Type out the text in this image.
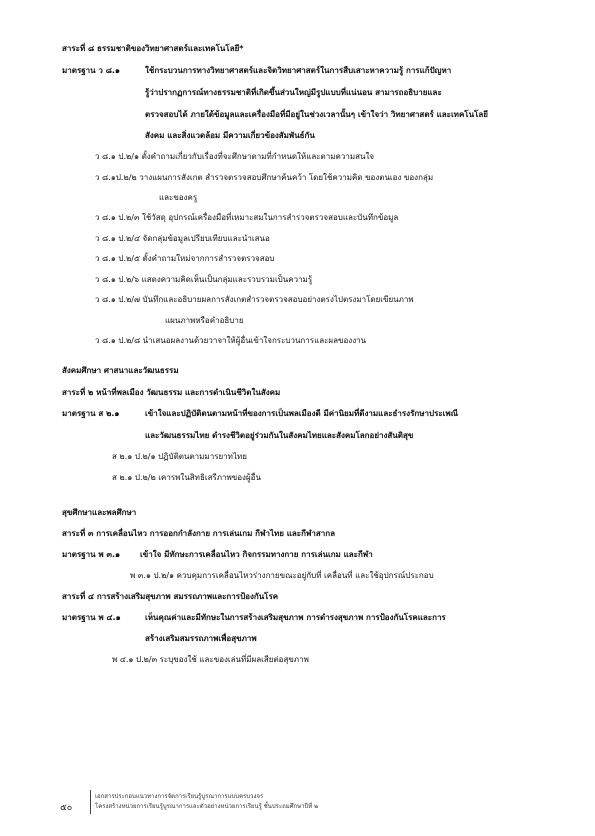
สาระที่ ๘ ธรรมชาติของวิทยาศาสตร์และเทคโนโลยี*
มาตรฐาน ว ๘.๑	ใช้กระบวนการทางวิทยาศาสตร์และจิตวิทยาศาสตร์ในการสืบเสาะหาความรู้ การแก้ปัญหา
รู้ว่าปรากฏการณ์ทางธรรมชาติที่เกิดขึ้นส่วนใหญ่มีรูปแบบที่แน่นอน สามารถอธิบายและ
ตรวจสอบได้ ภายใต้ข้อมูลและเครื่องมือที่มีอยู่ในช่วงเวลานั้นๆ เข้าใจว่า วิทยาศาสตร์ และเทคโนโลยี
สังคม และสิ่งแวดล้อม มีความเกี่ยวข้องสัมพันธ์กัน
ว ๘.๑ ป.๒/๑ ตั้งคำถามเกี่ยวกับเรื่องที่จะศึกษาตามที่กำหนดให้และตามความสนใจ
ว ๘.๑ป.๒/๒ วางแผนการสังเกต สำรวจตรวจสอบศึกษาค้นคว้า โดยใช้ความคิด ของตนเอง ของกลุ่ม
และของครู
ว ๘.๑ ป.๒/๓ ใช้วัสดุ อุปกรณ์เครื่องมือที่เหมาะสมในการสำรวจตรวจสอบและบันทึกข้อมูล
ว ๘.๑ ป.๒/๔ จัดกลุ่มข้อมูลเปรียบเทียบและนำเสนอ
ว ๘.๑ ป.๒/๕ ตั้งคำถามใหม่จากการสำรวจตรวจสอบ
ว ๘.๑ ป.๒/๖ แสดงความคิดเห็นเป็นกลุ่มและรวบรวมเป็นความรู้
ว ๘.๑ ป.๒/๗ บันทึกและอธิบายผลการสังเกตสำรวจตรวจสอบอย่างตรงไปตรงมาโดยเขียนภาพ
แผนภาพหรือคำอธิบาย
ว ๘.๑ ป.๒/๘ นำเสนอผลงานด้วยวาจาให้ผู้อื่นเข้าใจกระบวนการและผลของงาน
สังคมศึกษา ศาสนาและวัฒนธรรม
สาระที่ ๒ หน้าที่พลเมือง วัฒนธรรม และการดำเนินชีวิตในสังคม
มาตรฐาน ส ๒.๑	เข้าใจและปฏิบัติตนตามหน้าที่ของการเป็นพลเมืองดี มีค่านิยมที่ดีงามและธำรงรักษาประเพณี
และวัฒนธรรมไทย ดำรงชีวิตอยู่ร่วมกันในสังคมไทยและสังคมโลกอย่างสันติสุข
ส ๒.๑ ป.๒/๑ ปฏิบัติตนตามมารยาทไทย
ส ๒.๑ ป.๒/๒ เคารพในสิทธิเสรีภาพของผู้อื่น
สุขศึกษาและพลศึกษา
สาระที่ ๓ การเคลื่อนไหว การออกกำลังกาย การเล่นเกม กีฬาไทย และกีฬาสากล
มาตรฐาน พ ๓.๑ เข้าใจ มีทักษะการเคลื่อนไหว กิจกรรมทางกาย การเล่นเกม และกีฬา
พ ๓.๑ ป.๒/๑ ควบคุมการเคลื่อนไหวร่างกายขณะอยู่กับที่ เคลื่อนที่ และใช้อุปกรณ์ประกอบ
สาระที่ ๔ การสร้างเสริมสุขภาพ สมรรถภาพและการป้องกันโรค
มาตรฐาน พ ๔.๑	เห็นคุณค่าและมีทักษะในการสร้างเสริมสุขภาพ การดำรงสุขภาพ การป้องกันโรคและการ
สร้างเสริมสมรรถภาพเพื่อสุขภาพ
พ ๔.๑ ป.๒/๓ ระบุของใช้ และของเล่นที่มีผลเสียต่อสุขภาพ
๕๐
เอกสารประกอบแนวทางการจัดการเรียนรู้บูรณาการแบบครบวงจร
โครงสร้างหน่วยการเรียนรู้บูรณาการและตัวอย่างหน่วยการเรียนรู้ ชั้นประถมศึกษาปีที่ ๒
